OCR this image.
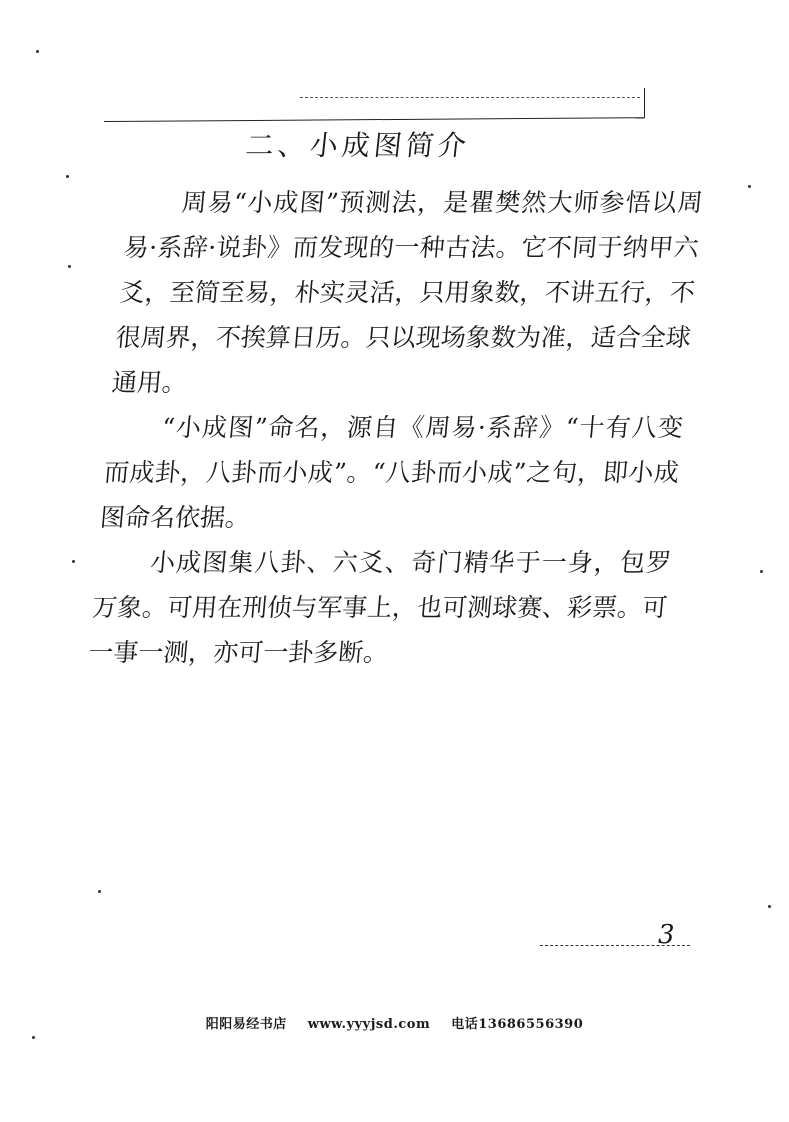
二、小成图简介

周易“小成图”预测法，是瞿樊然大师参悟以周易·系辞·说卦》而发现的一种古法。它不同于纳甲六爻，至简至易，朴实灵活，只用象数，不讲五行，不很周界，不挨算日历。只以现场象数为准，适合全球通用。

“小成图”命名，源自《周易·系辞》“十有八变而成卦，八卦而小成”。“八卦而小成”之句，即小成图命名依据。

小成图集八卦、六爻、奇门精华于一身，包罗万象。可用在刑侦与军事上，也可测球赛、彩票。可一事一测，亦可一卦多断。

3
阳阳易经书店 www.yyyjsd.com 电话13686556390
